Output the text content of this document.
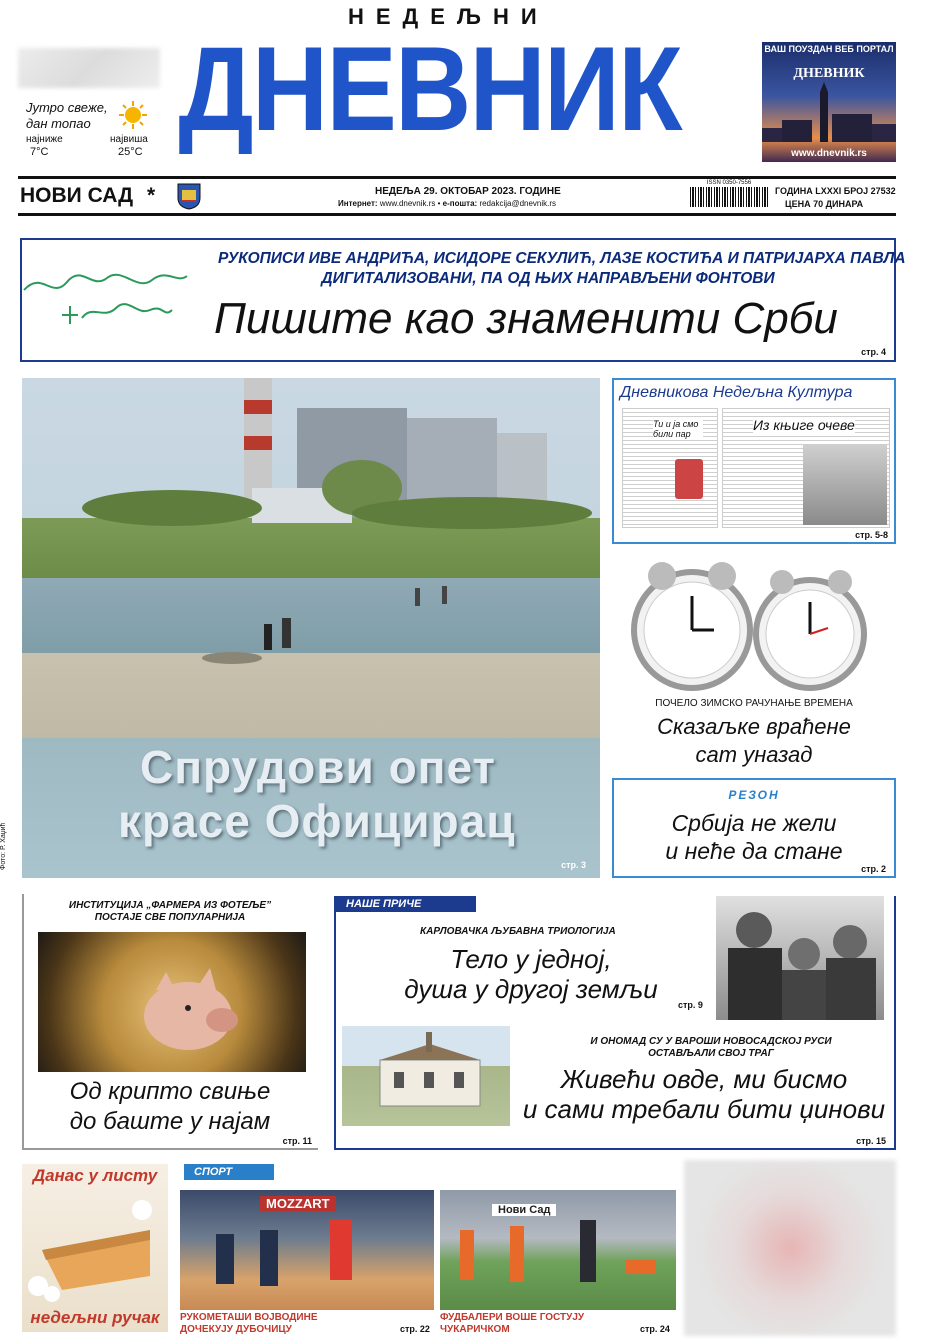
Јутро свеже,
дан топао
најниже
7°C
највиша
25°C
НЕДЕЉНИ
ДНЕВНИК	ВАШ ПОУЗДАН ВЕБ ПОРТАЛ
ДНЕВНИК
www.dnevnik.rs
НОВИ САД *	НЕДЕЉА 29. ОКТОБАР 2023. ГОДИНЕ
Интернет: www.dnevnik.rs • е-пошта: redakcija@dnevnik.rs
ISSN 0350-7556
ГОДИНА LXXXI БРОЈ 27532
ЦЕНА 70 ДИНАРА
РУКОПИСИ ИВЕ АНДРИЋА, ИСИДОРЕ СЕКУЛИЋ, ЛАЗЕ КОСТИЋА И ПАТРИЈАРХА ПАВЛА
ДИГИТАЛИЗОВАНИ, ПА ОД ЊИХ НАПРАВЉЕНИ ФОНТОВИ
Пишите као знаменити Срби
стр. 4
Спрудови опет
красе Официрац
стр. 3
Фото: Р. Хаџић
Дневникова Недељна Култура
Ти и ја смо били пар
Из књиге очеве
стр. 5-8
ПОЧЕЛО ЗИМСКО РАЧУНАЊЕ ВРЕМЕНА
Сказаљке враћене
сат уназад
РЕЗОН
Србија не жели
и неће да стане
стр. 2
ИНСТИТУЦИЈА „ФАРМЕРА ИЗ ФОТЕЉЕ”
ПОСТАЈЕ СВЕ ПОПУЛАРНИЈА
Од крипто свиње
до баште у најам
стр. 11
НАШЕ ПРИЧЕ
КАРЛОВАЧКА ЉУБАВНА ТРИОЛОГИЈА
Тело у једној,
душа у другој земљи
стр. 9
И ОНОМАД СУ У ВАРОШИ НОВОСАДСКОЈ РУСИ
ОСТАВЉАЛИ СВОЈ ТРАГ
Живећи овде, ми бисмо
и сами требали бити џинови
стр. 15
Данас у листу
недељни ручак
СПОРТ
MOZZART
РУКОМЕТАШИ ВОЈВОДИНЕ
ДОЧЕКУЈУ ДУБОЧИЦУ	стр. 22
Нови Сад
ФУДБАЛЕРИ ВОШЕ ГОСТУЈУ
ЧУКАРИЧКОМ	стр. 24
